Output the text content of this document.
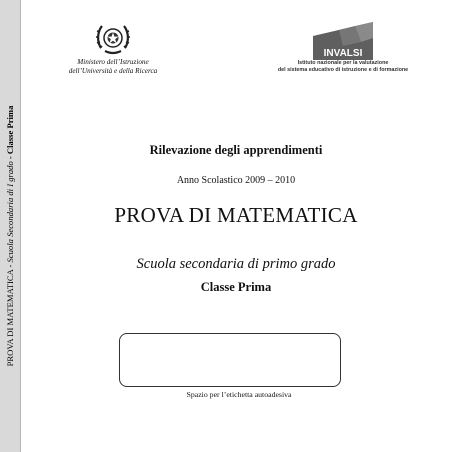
PROVA DI MATEMATICA - Scuola Secondaria di I grado - Classe Prima
Ministero dell’Istruzione
dell’Università e della Ricerca
INVALSI
Istituto nazionale per la valutazione
del sistema educativo di istruzione e di formazione
Rilevazione degli apprendimenti
Anno Scolastico 2009 – 2010
PROVA DI MATEMATICA
Scuola secondaria di primo grado
Classe Prima
Spazio per l’etichetta autoadesiva
